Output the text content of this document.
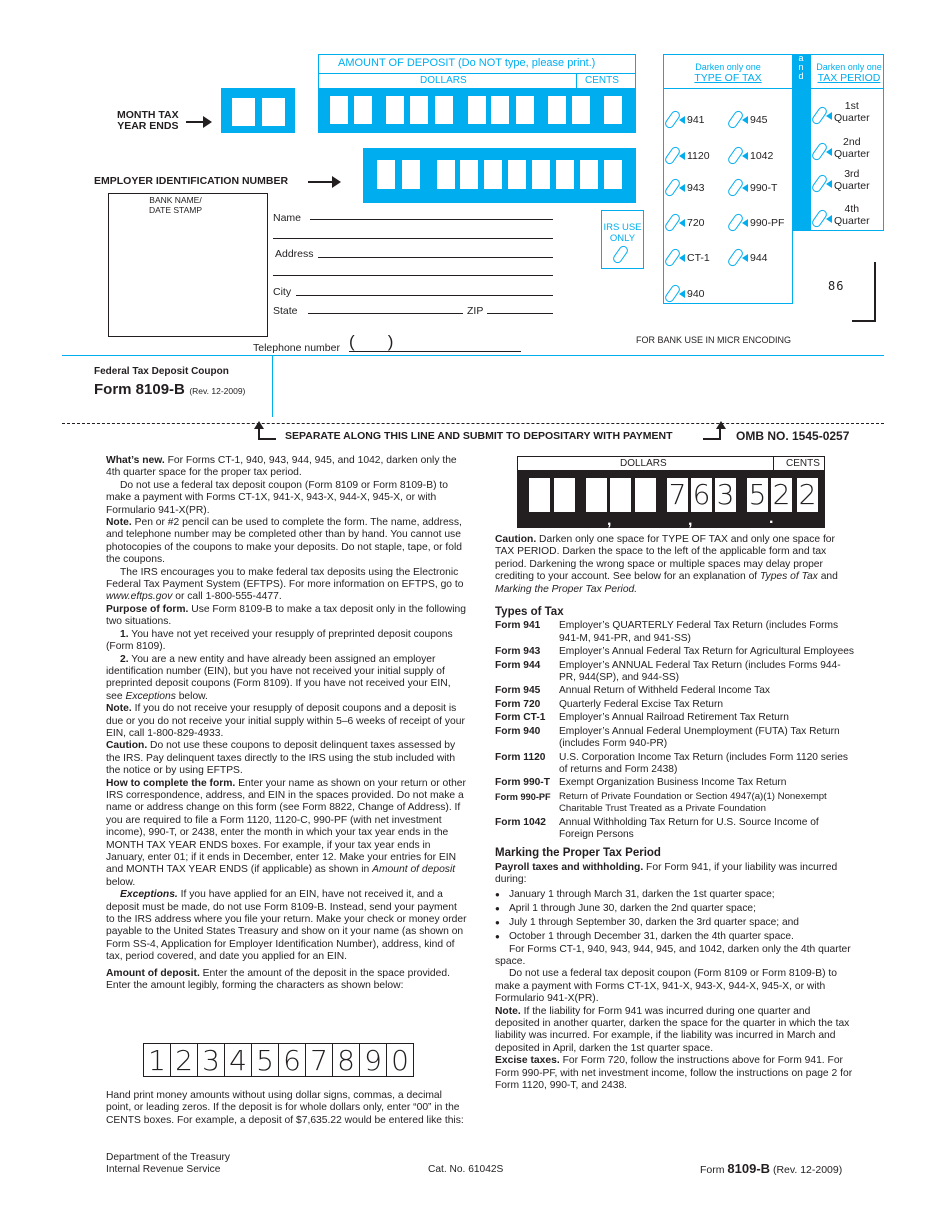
AMOUNT OF DEPOSIT (Do NOT type, please print.)
DOLLARS	CENTS
,	,	.
MONTH TAX
YEAR ENDS
EMPLOYER IDENTIFICATION NUMBER
BANK NAME/
DATE STAMP
Name
Address
City
State	ZIP
Telephone number (       )
IRS USE
ONLY
Darken only one
TYPE OF TAX
a n d
Darken only one
TAX PERIOD
941	945
1120	1042
943	990-T
720	990-PF
CT-1	944
940
1st
Quarter
2nd
Quarter
3rd
Quarter
4th
Quarter
86
FOR BANK USE IN MICR ENCODING
Federal Tax Deposit Coupon
Form 8109-B (Rev. 12-2009)
SEPARATE ALONG THIS LINE AND SUBMIT TO DEPOSITARY WITH PAYMENT	OMB NO. 1545-0257

What’s new. For Forms CT-1, 940, 943, 944, 945, and 1042, darken only the 4th quarter space for the proper tax period.

Do not use a federal tax deposit coupon (Form 8109 or Form 8109-B) to make a payment with Forms CT-1X, 941-X, 943-X, 944-X, 945-X, or with Formulario 941-X(PR).

Note. Pen or #2 pencil can be used to complete the form. The name, address, and telephone number may be completed other than by hand. You cannot use photocopies of the coupons to make your deposits. Do not staple, tape, or fold the coupons.

The IRS encourages you to make federal tax deposits using the Electronic Federal Tax Payment System (EFTPS). For more information on EFTPS, go to www.eftps.gov or call 1-800-555-4477.

Purpose of form. Use Form 8109-B to make a tax deposit only in the following two situations.

1. You have not yet received your resupply of preprinted deposit coupons (Form 8109).

2. You are a new entity and have already been assigned an employer identification number (EIN), but you have not received your initial supply of preprinted deposit coupons (Form 8109). If you have not received your EIN, see Exceptions below.

Note. If you do not receive your resupply of deposit coupons and a deposit is due or you do not receive your initial supply within 5–6 weeks of receipt of your EIN, call 1-800-829-4933.

Caution. Do not use these coupons to deposit delinquent taxes assessed by the IRS. Pay delinquent taxes directly to the IRS using the stub included with the notice or by using EFTPS.

How to complete the form. Enter your name as shown on your return or other IRS correspondence, address, and EIN in the spaces provided. Do not make a name or address change on this form (see Form 8822, Change of Address). If you are required to file a Form 1120, 1120-C, 990-PF (with net investment income), 990-T, or 2438, enter the month in which your tax year ends in the MONTH TAX YEAR ENDS boxes. For example, if your tax year ends in January, enter 01; if it ends in December, enter 12. Make your entries for EIN and MONTH TAX YEAR ENDS (if applicable) as shown in Amount of deposit below.

Exceptions. If you have applied for an EIN, have not received it, and a deposit must be made, do not use Form 8109-B. Instead, send your payment to the IRS address where you file your return. Make your check or money order payable to the United States Treasury and show on it your name (as shown on Form SS-4, Application for Employer Identification Number), address, kind of tax, period covered, and date you applied for an EIN.

Amount of deposit. Enter the amount of the deposit in the space provided. Enter the amount legibly, forming the characters as shown below:

1 2 3 4 5 6 7 8 9 0
Hand print money amounts without using dollar signs, commas, a decimal point, or leading zeros. If the deposit is for whole dollars only, enter “00” in the CENTS boxes. For example, a deposit of $7,635.22 would be entered like this:
Department of the Treasury
Internal Revenue Service	Cat. No. 61042S	Form 8109-B (Rev. 12-2009)
DOLLARS	CENTS
7 6 3 5 2 2
,	,	.

Caution. Darken only one space for TYPE OF TAX and only one space for TAX PERIOD. Darken the space to the left of the applicable form and tax period. Darkening the wrong space or multiple spaces may delay proper crediting to your account. See below for an explanation of Types of Tax and Marking the Proper Tax Period.

Types of Tax
Form 941	Employer’s QUARTERLY Federal Tax Return (includes Forms 941-M, 941-PR, and 941-SS)
Form 943	Employer’s Annual Federal Tax Return for Agricultural Employees
Form 944	Employer’s ANNUAL Federal Tax Return (includes Forms 944-PR, 944(SP), and 944-SS)
Form 945	Annual Return of Withheld Federal Income Tax
Form 720	Quarterly Federal Excise Tax Return
Form CT-1	Employer’s Annual Railroad Retirement Tax Return
Form 940	Employer’s Annual Federal Unemployment (FUTA) Tax Return (includes Form 940-PR)
Form 1120	U.S. Corporation Income Tax Return (includes Form 1120 series of returns and Form 2438)
Form 990-T Exempt Organization Business Income Tax Return
Form 990-PF Return of Private Foundation or Section 4947(a)(1) Nonexempt Charitable Trust Treated as a Private Foundation
Form 1042	Annual Withholding Tax Return for U.S. Source Income of Foreign Persons
Marking the Proper Tax Period

Payroll taxes and withholding. For Form 941, if your liability was incurred during:

● January 1 through March 31, darken the 1st quarter space;
● April 1 through June 30, darken the 2nd quarter space;
● July 1 through September 30, darken the 3rd quarter space; and
● October 1 through December 31, darken the 4th quarter space.

For Forms CT-1, 940, 943, 944, 945, and 1042, darken only the 4th quarter space.

Do not use a federal tax deposit coupon (Form 8109 or Form 8109-B) to make a payment with Forms CT-1X, 941-X, 943-X, 944-X, 945-X, or with Formulario 941-X(PR).

Note. If the liability for Form 941 was incurred during one quarter and deposited in another quarter, darken the space for the quarter in which the tax liability was incurred. For example, if the liability was incurred in March and deposited in April, darken the 1st quarter space.

Excise taxes. For Form 720, follow the instructions above for Form 941. For Form 990-PF, with net investment income, follow the instructions on page 2 for Form 1120, 990-T, and 2438.
